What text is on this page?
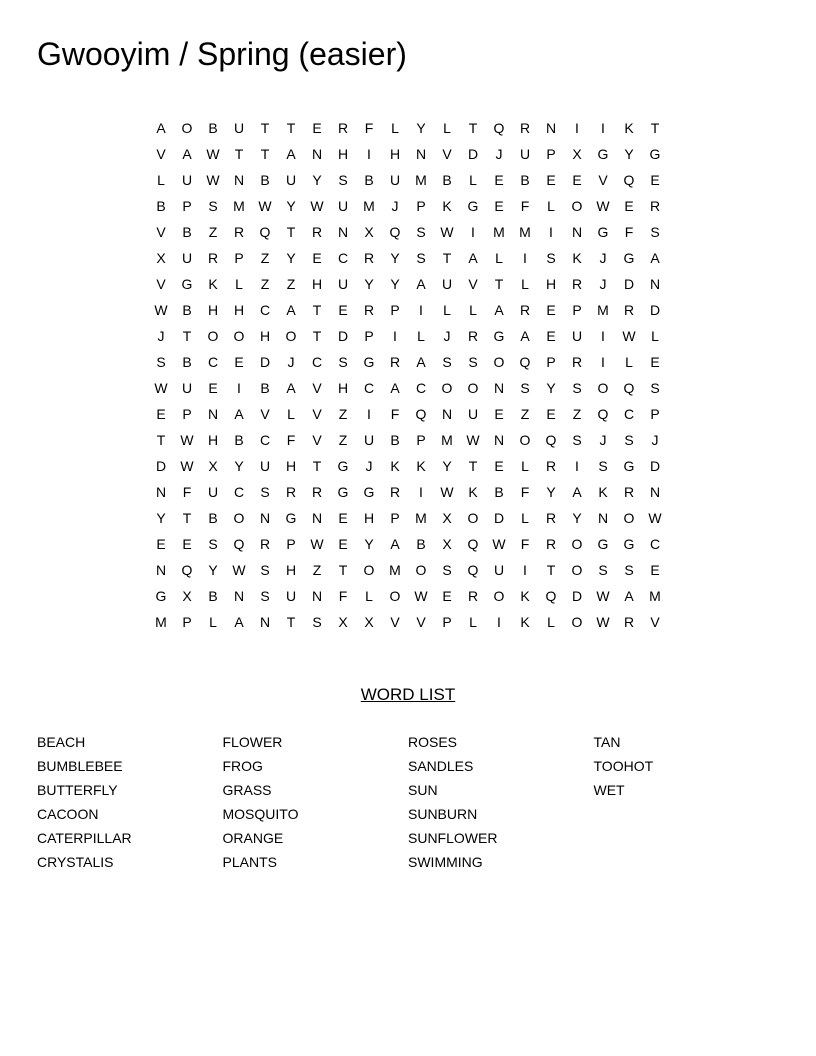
Gwooyim / Spring (easier)
A	O	B	U	T	T	E	R	F	L	Y	L	T	Q	R	N	I	I	K	T
V	A	W	T	T	A	N	H	I	H	N	V	D	J	U	P	X	G	Y	G
L	U	W	N	B	U	Y	S	B	U	M	B	L	E	B	E	E	V	Q	E
B	P	S	M W	Y	W	U	M	J	P	K	G	E	F	L	O W	E	R
V	B	Z	R	Q	T	R	N	X	Q	S	W	I	M	M	I	N	G	F	S
X	U	R	P	Z	Y	E	C	R	Y	S	T	A	L	I	S	K	J	G	A
V	G	K	L	Z	Z	H	U	Y	Y	A	U	V	T	L	H	R	J	D	N
W	B	H	H	C	A	T	E	R	P	I	L	L	A	R	E	P	M	R	D
J	T	O	O	H	O	T	D	P	I	L	J	R	G	A	E	U	I	W	L
S	B	C	E	D	J	C	S	G	R	A	S	S	O	Q	P	R	I	L	E
W	U	E	I	B	A	V	H	C	A	C	O	O	N	S	Y	S	O	Q	S
E	P	N	A	V	L	V	Z	I	F	Q	N	U	E	Z	E	Z	Q	C	P
T	W	H	B	C	F	V	Z	U	B	P	M W	N	O	Q	S	J	S	J
D	W	X	Y	U	H	T	G	J	K	K	Y	T	E	L	R	I	S	G	D
N	F	U	C	S	R	R	G	G	R	I	W	K	B	F	Y	A	K	R	N
Y	T	B	O	N	G	N	E	H	P	M	X	O	D	L	R	Y	N	O W
E	E	S	Q	R	P	W	E	Y	A	B	X	Q W	F	R	O	G	G	C
N	Q	Y	W	S	H	Z	T	O	M	O	S	Q	U	I	T	O	S	S	E
G	X	B	N	S	U	N	F	L	O W	E	R	O	K	Q	D	W	A	M
M	P	L	A	N	T	S	X	X	V	V	P	L	I	K	L	O W	R	V
WORD LIST
BEACH
BUMBLEBEE
BUTTERFLY
CACOON
CATERPILLAR
CRYSTALIS
FLOWER
FROG
GRASS
MOSQUITO
ORANGE
PLANTS
ROSES
SANDLES
SUN
SUNBURN
SUNFLOWER
SWIMMING
TAN
TOOHOT
WET
